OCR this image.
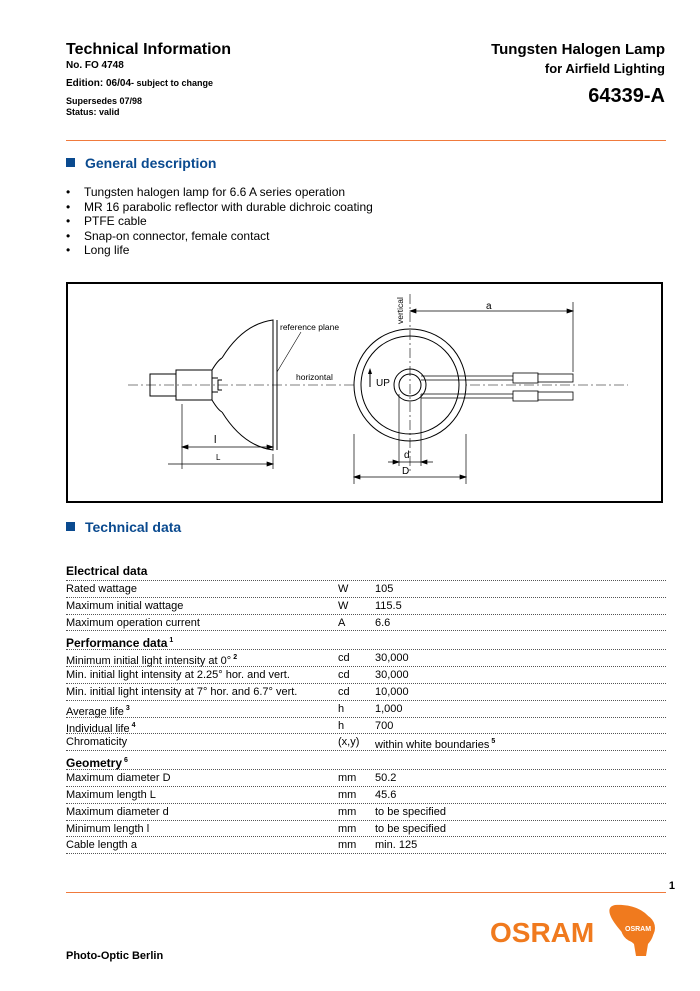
Technical Information
No. FO 4748
Edition: 06/04- subject to change
Supersedes 07/98
Status: valid
Tungsten Halogen Lamp
for Airfield Lighting
64339-A
General description
• Tungsten halogen lamp for 6.6 A series operation
• MR 16 parabolic reflector with durable dichroic coating
• PTFE cable
• Snap-on connector, female contact
• Long life
reference plane
horizontal
l
L
vertical
UP
a
d
D
Technical data
Electrical data
Rated wattage	W 105
Maximum initial wattage	W 115.5
Maximum operation current	A	6.6
Performance data $^1$
Minimum initial light intensity at 0° $^2$	cd 30,000
Min. initial light intensity at 2.25° hor. and vert.	cd 30,000
Min. initial light intensity at 7° hor. and 6.7° vert.	cd 10,000
Average life $^3$	h	1,000
Individual life $^4$	h	700
Chromaticity	(x,y) within white boundaries $^5$
Geometry $^6$
Maximum diameter D	mm 50.2
Maximum length L	mm 45.6
Maximum diameter d	mm to be specified
Minimum length l	mm to be specified
Cable length a	mm min. 125
1
OSRAM	OSRAM
Photo-Optic Berlin
